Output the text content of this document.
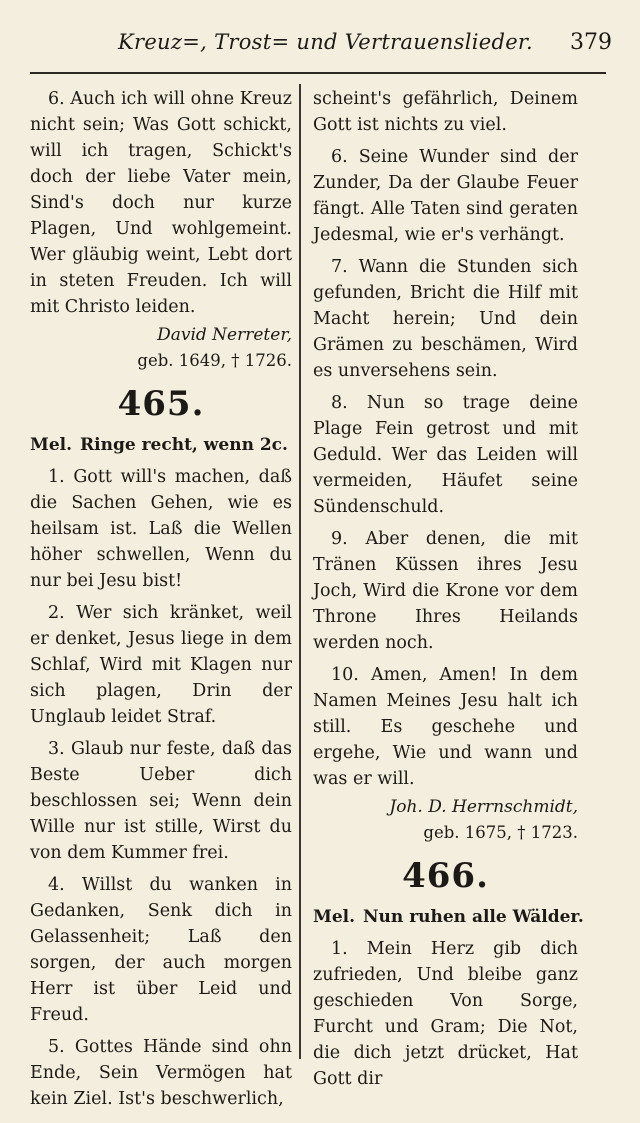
Kreuz=, Trost= und Vertrauenslieder.	379

6. Auch ich will ohne Kreuz nicht sein; Was Gott schickt, will ich tragen, Schickt's doch der liebe Vater mein, Sind's doch nur kurze Plagen, Und wohlgemeint. Wer gläubig weint, Lebt dort in steten Freuden. Ich will mit Christo leiden.

David Nerreter,
geb. 1649, † 1726.
465.

Mel. Ringe recht, wenn 2c.

1. Gott will's machen, daß die Sachen Gehen, wie es heilsam ist. Laß die Wellen höher schwellen, Wenn du nur bei Jesu bist!

2. Wer sich kränket, weil er denket, Jesus liege in dem Schlaf, Wird mit Klagen nur sich plagen, Drin der Unglaub leidet Straf.

3. Glaub nur feste, daß das Beste Ueber dich beschlossen sei; Wenn dein Wille nur ist stille, Wirst du von dem Kummer frei.

4. Willst du wanken in Gedanken, Senk dich in Gelassenheit; Laß den sorgen, der auch morgen Herr ist über Leid und Freud.

5. Gottes Hände sind ohn Ende, Sein Vermögen hat kein Ziel. Ist's beschwerlich,

scheint's gefährlich, Deinem Gott ist nichts zu viel.

6. Seine Wunder sind der Zunder, Da der Glaube Feuer fängt. Alle Taten sind geraten Jedesmal, wie er's verhängt.

7. Wann die Stunden sich gefunden, Bricht die Hilf mit Macht herein; Und dein Grämen zu beschämen, Wird es unversehens sein.

8. Nun so trage deine Plage Fein getrost und mit Geduld. Wer das Leiden will vermeiden, Häufet seine Sündenschuld.

9. Aber denen, die mit Tränen Küssen ihres Jesu Joch, Wird die Krone vor dem Throne Ihres Heilands werden noch.

10. Amen, Amen! In dem Namen Meines Jesu halt ich still. Es geschehe und ergehe, Wie und wann und was er will.

Joh. D. Herrnschmidt,
geb. 1675, † 1723.
466.

Mel. Nun ruhen alle Wälder.

1. Mein Herz gib dich zufrieden, Und bleibe ganz geschieden Von Sorge, Furcht und Gram; Die Not, die dich jetzt drücket, Hat Gott dir
